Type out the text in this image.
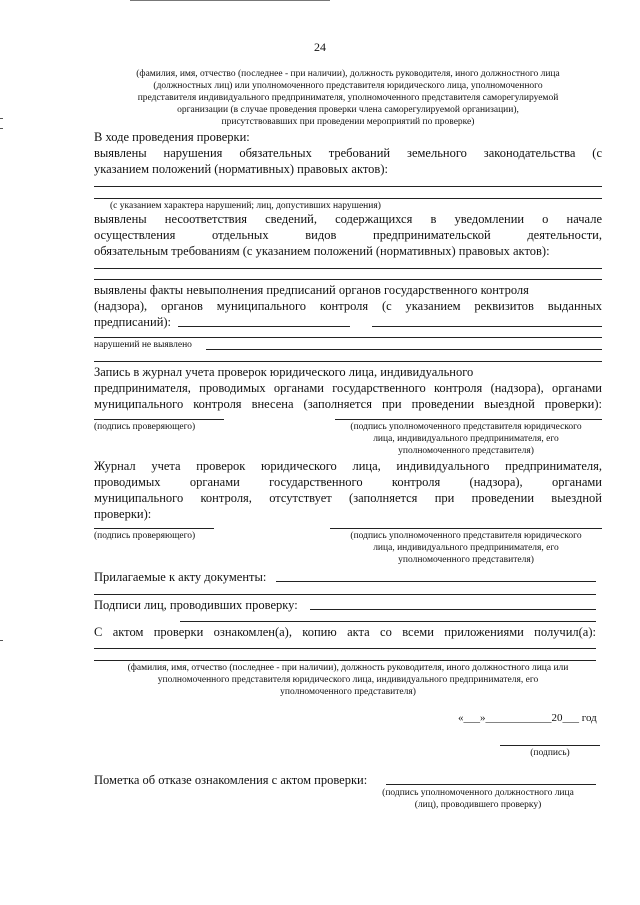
24
(фамилия, имя, отчество (последнее - при наличии), должность руководителя, иного должностного лица
(должностных лиц) или уполномоченного представителя юридического лица, уполномоченного
представителя индивидуального предпринимателя, уполномоченного представителя саморегулируемой
организации (в случае проведения проверки члена саморегулируемой организации),
присутствовавших при проведении мероприятий по проверке)
В ходе проведения проверки:
выявлены нарушения обязательных требований земельного законодательства (с
указанием положений (нормативных) правовых актов):
(с указанием характера нарушений; лиц, допустивших нарушения)
выявлены несоответствия сведений, содержащихся в уведомлении о начале
осуществления отдельных видов предпринимательской деятельности,
обязательным требованиям (с указанием положений (нормативных) правовых актов):
выявлены факты невыполнения предписаний органов государственного контроля
(надзора), органов муниципального контроля (с указанием реквизитов выданных
предписаний):
нарушений не выявлено
Запись в журнал учета проверок юридического лица, индивидуального
предпринимателя, проводимых органами государственного контроля (надзора), органами
муниципального контроля внесена (заполняется при проведении выездной проверки):
(подпись проверяющего)	(подпись уполномоченного представителя юридического
лица, индивидуального предпринимателя, его
уполномоченного представителя)
Журнал учета проверок юридического лица, индивидуального предпринимателя,
проводимых органами государственного контроля (надзора), органами
муниципального контроля, отсутствует (заполняется при проведении выездной
проверки):
(подпись проверяющего)	(подпись уполномоченного представителя юридического
лица, индивидуального предпринимателя, его
уполномоченного представителя)
Прилагаемые к акту документы:
Подписи лиц, проводивших проверку:
С актом проверки ознакомлен(а), копию акта со всеми приложениями получил(а):
(фамилия, имя, отчество (последнее - при наличии), должность руководителя, иного должностного лица или
уполномоченного представителя юридического лица, индивидуального предпринимателя, его
уполномоченного представителя)
«___»____________20___ год
(подпись)
Пометка об отказе ознакомления с актом проверки:
(подпись уполномоченного должностного лица
(лиц), проводившего проверку)
